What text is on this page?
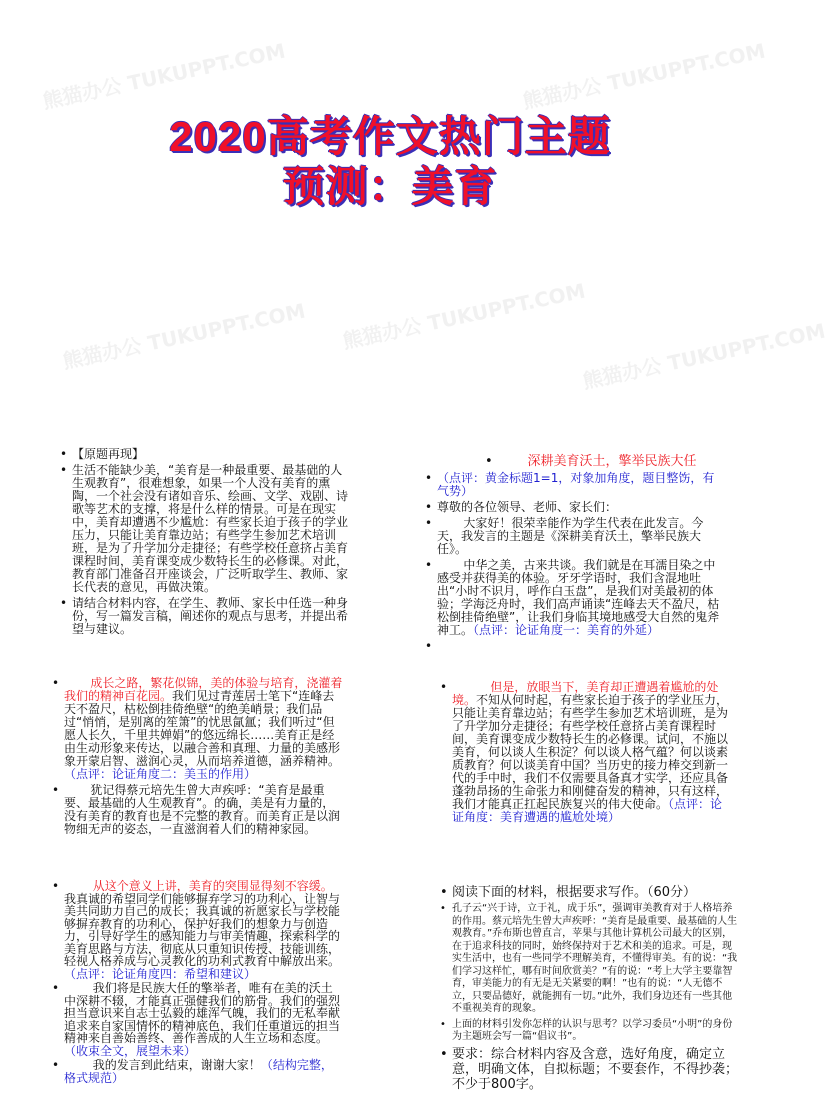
熊猫办公 TUKUPPT.COM	熊猫办公 TUKUPPT.COM
熊猫办公 TUKUPPT.COM 熊猫办公 TUKUPPT.COM
熊猫办公 TUKUPPT.COM
2020高考作文热门主题
预测：美育
• 【原题再现】
• 生活不能缺少美，“美育是一种最重要、最基础的人生观教育”，很难想象，如果一个人没有美育的熏陶，一个社会没有诸如音乐、绘画、文学、戏剧、诗歌等艺术的支撑，将是什么样的情景。可是在现实中，美育却遭遇不少尴尬：有些家长迫于孩子的学业压力，只能让美育靠边站；有些学生参加艺术培训班，是为了升学加分走捷径；有些学校任意挤占美育课程时间，美育课变成少数特长生的必修课。对此，教育部门准备召开座谈会，广泛听取学生、教师、家长代表的意见，再做决策。
• 请结合材料内容，在学生、教师、家长中任选一种身份，写一篇发言稿，阐述你的观点与思考，并提出希望与建议。
• 深耕美育沃土，擎举民族大任
• （点评：黄金标题1=1，对象加角度，题目整饬，有气势）
• 尊敬的各位领导、老师、家长们：
• 大家好！很荣幸能作为学生代表在此发言。今天，我发言的主题是《深耕美育沃土，擎举民族大任》。
• 中华之美，古来共谈。我们就是在耳濡目染之中感受并获得美的体验。牙牙学语时，我们含混地吐出“小时不识月，呼作白玉盘”，是我们对美最初的体验；学海泛舟时，我们高声诵读“连峰去天不盈尺，枯松倒挂倚绝壁”，让我们身临其境地感受大自然的鬼斧神工。（点评：论证角度一：美育的外延）
•
• 成长之路，繁花似锦，美的体验与培育，浇灌着我们的精神百花园。我们见过青莲居士笔下“连峰去天不盈尺，枯松倒挂倚绝壁“的绝美峭景；我们品过“悄悄，是别离的笙箫”的忧思氤氲；我们听过“但愿人长久，千里共婵娟”的悠远绵长……美育正是经由生动形象来传达，以融合善和真理、力量的美感形象开蒙启智、滋润心灵，从而培养道德，涵养精神。（点评：论证角度二：美玉的作用）
• 犹记得蔡元培先生曾大声疾呼：“美育是最重要、最基础的人生观教育”。的确，美是有力量的，没有美育的教育也是不完整的教育。而美育正是以润物细无声的姿态，一直滋润着人们的精神家园。
• 但是，放眼当下，美育却正遭遇着尴尬的处境。不知从何时起，有些家长迫于孩子的学业压力，只能让美育靠边站；有些学生参加艺术培训班，是为了升学加分走捷径；有些学校任意挤占美育课程时间，美育课变成少数特长生的必修课。试问，不施以美育，何以谈人生积淀？何以谈人格气蕴？何以谈素质教育？何以谈美育中国？当历史的接力棒交到新一代的手中时，我们不仅需要具备真才实学，还应具备蓬勃昂扬的生命张力和刚健奋发的精神，只有这样，我们才能真正扛起民族复兴的伟大使命。（点评：论证角度：美育遭遇的尴尬处境）
• 从这个意义上讲，美育的突围显得刻不容缓。我真诚的希望同学们能够摒弃学习的功利心，让智与美共同助力自己的成长；我真诚的祈愿家长与学校能够摒弃教育的功利心，保护好我们的想象力与创造力，引导好学生的感知能力与审美情趣，探索科学的美育思路与方法，彻底从只重知识传授、技能训练，轻视人格养成与心灵教化的功利式教育中解放出来。（点评：论证角度四：希望和建议）
• 我们将是民族大任的擎举者，唯有在美的沃土中深耕不辍，才能真正强健我们的筋骨。我们的强烈担当意识来自志士弘毅的雄浑气魄，我们的无私奉献追求来自家国情怀的精神底色，我们任重道远的担当精神来自善始善终、善作善成的人生立场和态度。（收束全文，展望未来）
• 我的发言到此结束，谢谢大家！（结构完整，格式规范）
• 阅读下面的材料，根据要求写作。（60分）
• 孔子云“兴于诗，立于礼，成于乐”，强调审美教育对于人格培养的作用。蔡元培先生曾大声疾呼：“美育是最重要、最基础的人生观教育。”乔布斯也曾直言，苹果与其他计算机公司最大的区别，在于追求科技的同时，始终保持对于艺术和美的追求。可是，现实生活中，也有一些同学不理解美育，不懂得审美。有的说：“我们学习这样忙，哪有时间欣赏美？”有的说：“考上大学主要靠智育，审美能力的有无是无关紧要的啊！”也有的说：“人无德不立，只要品德好，就能拥有一切。”此外，我们身边还有一些其他不重视美育的现象。
• 上面的材料引发你怎样的认识与思考？以学习委员“小明”的身份为主题班会写一篇“倡议书”。
• 要求：综合材料内容及含意，选好角度，确定立意，明确文体，自拟标题；不要套作，不得抄袭；不少于800字。
